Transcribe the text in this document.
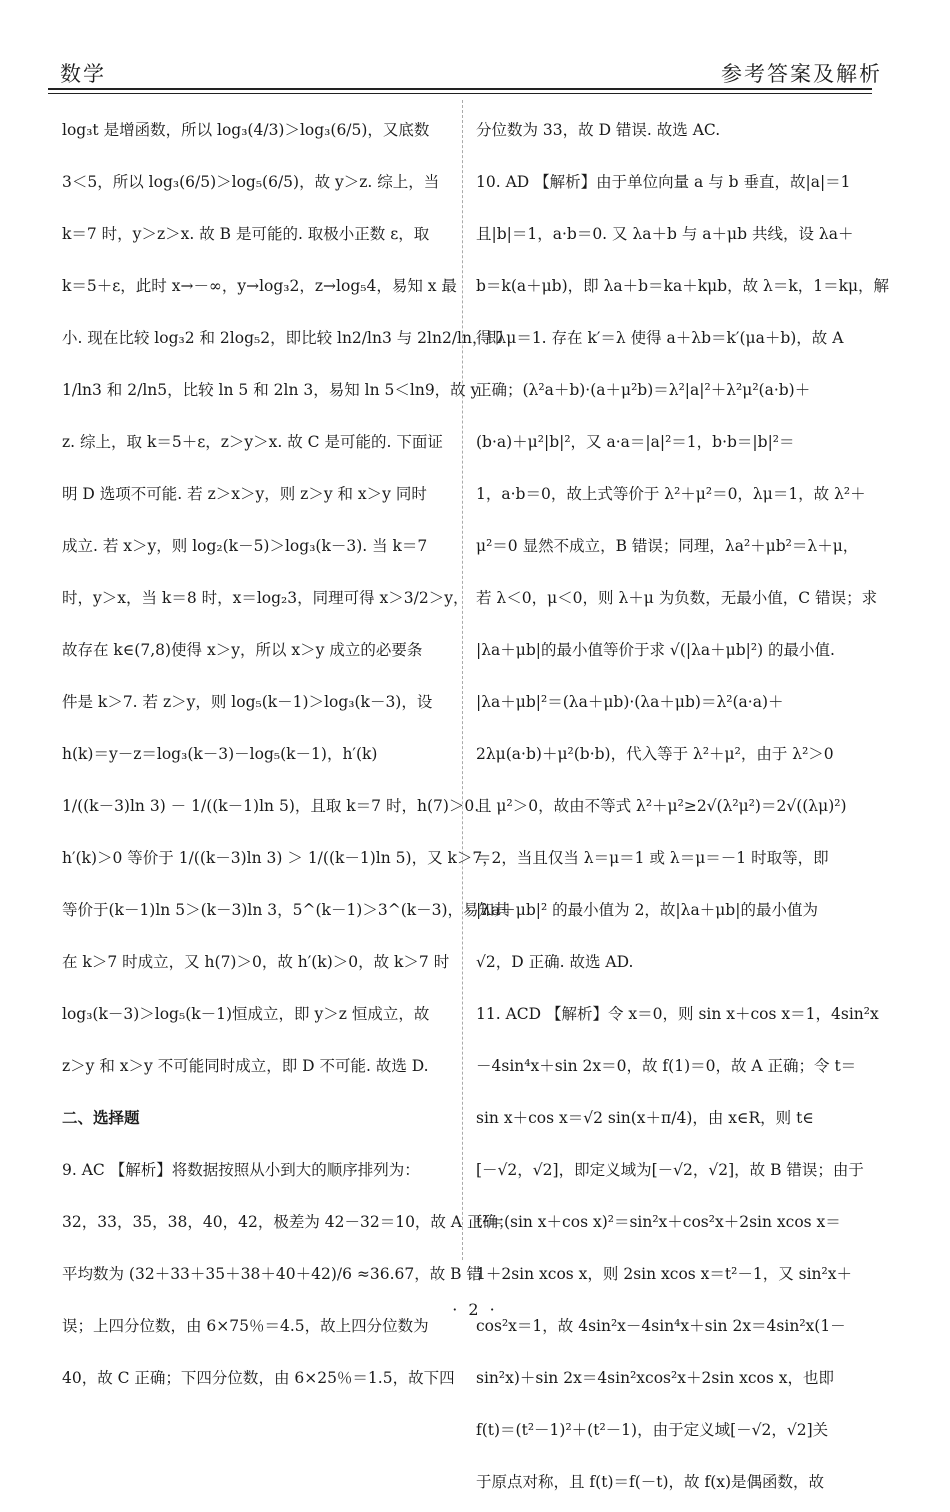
数学	参考答案及解析
log₃t 是增函数，所以 log₃(4/3)＞log₃(6/5)，又底数
3＜5，所以 log₃(6/5)＞log₅(6/5)，故 y＞z. 综上，当
k＝7 时，y＞z＞x. 故 B 是可能的. 取极小正数 ε，取
k＝5＋ε，此时 x→－∞，y→log₃2，z→log₅4，易知 x 最
小. 现在比较 log₃2 和 2log₅2，即比较 ln2/ln3 与 2ln2/ln，即
1/ln3 和 2/ln5，比较 ln 5 和 2ln 3，易知 ln 5＜ln9，故 y
z. 综上，取 k＝5＋ε，z＞y＞x. 故 C 是可能的. 下面证
明 D 选项不可能. 若 z＞x＞y，则 z＞y 和 x＞y 同时
成立. 若 x＞y，则 log₂(k－5)＞log₃(k－3). 当 k＝7
时，y＞x，当 k＝8 时，x＝log₂3，同理可得 x＞3/2＞y，
故存在 k∈(7,8)使得 x＞y，所以 x＞y 成立的必要条
件是 k＞7. 若 z＞y，则 log₅(k－1)＞log₃(k－3)，设
h(k)＝y－z＝log₃(k－3)－log₅(k－1)，h′(k)
1/((k－3)ln 3) － 1/((k－1)ln 5)，且取 k＝7 时，h(7)＞0.
h′(k)＞0 等价于 1/((k－3)ln 3) ＞ 1/((k－1)ln 5)，又 k＞7，
等价于(k－1)ln 5＞(k－3)ln 3，5^(k－1)＞3^(k－3)，易知其
在 k＞7 时成立，又 h(7)＞0，故 h′(k)＞0，故 k＞7 时
log₃(k－3)＞log₅(k－1)恒成立，即 y＞z 恒成立，故
z＞y 和 x＞y 不可能同时成立，即 D 不可能. 故选 D.
二、选择题
9. AC 【解析】将数据按照从小到大的顺序排列为：
32，33，35，38，40，42，极差为 42－32＝10，故 A 正确；
平均数为 (32＋33＋35＋38＋40＋42)/6 ≈36.67，故 B 错
误；上四分位数，由 6×75％＝4.5，故上四分位数为
40，故 C 正确；下四分位数，由 6×25％＝1.5，故下四
分位数为 33，故 D 错误. 故选 AC.
10. AD 【解析】由于单位向量 a 与 b 垂直，故|a|＝1
且|b|＝1，a·b＝0. 又 λa＋b 与 a＋μb 共线，设 λa＋
b＝k(a＋μb)，即 λa＋b＝ka＋kμb，故 λ＝k，1＝kμ，解
得 λμ＝1. 存在 k′＝λ 使得 a＋λb＝k′(μa＋b)，故 A
正确；(λ²a＋b)·(a＋μ²b)＝λ²|a|²＋λ²μ²(a·b)＋
(b·a)＋μ²|b|²，又 a·a＝|a|²＝1，b·b＝|b|²＝
1，a·b＝0，故上式等价于 λ²＋μ²＝0，λμ＝1，故 λ²＋
μ²＝0 显然不成立，B 错误；同理，λa²＋μb²＝λ＋μ，
若 λ＜0，μ＜0，则 λ＋μ 为负数，无最小值，C 错误；求
|λa＋μb|的最小值等价于求 √(|λa＋μb|²) 的最小值.
|λa＋μb|²＝(λa＋μb)·(λa＋μb)＝λ²(a·a)＋
2λμ(a·b)＋μ²(b·b)，代入等于 λ²＋μ²，由于 λ²＞0
且 μ²＞0，故由不等式 λ²＋μ²≥2√(λ²μ²)＝2√((λμ)²)
＝2，当且仅当 λ＝μ＝1 或 λ＝μ＝－1 时取等，即
|λa＋μb|² 的最小值为 2，故|λa＋μb|的最小值为
√2，D 正确. 故选 AD.
11. ACD 【解析】令 x＝0，则 sin x＋cos x＝1，4sin²x
－4sin⁴x＋sin 2x＝0，故 f(1)＝0，故 A 正确；令 t＝
sin x＋cos x＝√2 sin(x＋π/4)，由 x∈R，则 t∈
[－√2，√2]，即定义域为[－√2，√2]，故 B 错误；由于
t²＝(sin x＋cos x)²＝sin²x＋cos²x＋2sin xcos x＝
1＋2sin xcos x，则 2sin xcos x＝t²－1，又 sin²x＋
cos²x＝1，故 4sin²x－4sin⁴x＋sin 2x＝4sin²x(1－
sin²x)＋sin 2x＝4sin²xcos²x＋2sin xcos x，也即
f(t)＝(t²－1)²＋(t²－1)，由于定义域[－√2，√2]关
于原点对称，且 f(t)＝f(－t)，故 f(x)是偶函数，故
· 2 ·
